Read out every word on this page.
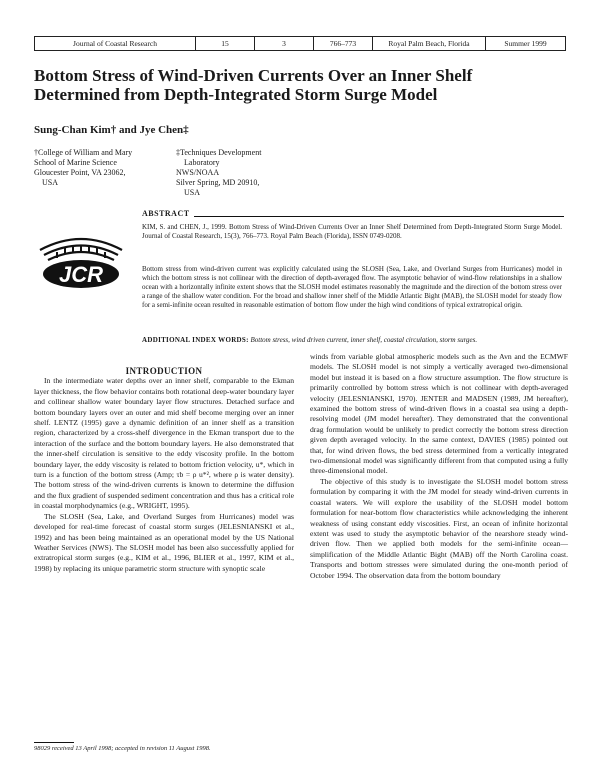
Journal of Coastal Research	15	3	766–773	Royal Palm Beach, Florida	Summer 1999
Bottom Stress of Wind-Driven Currents Over an Inner Shelf Determined from Depth-Integrated Storm Surge Model
Sung-Chan Kim† and Jye Chen‡
†College of William and Mary
School of Marine Science
Gloucester Point, VA 23062,
USA
‡Techniques Development
Laboratory
NWS/NOAA
Silver Spring, MD 20910,
USA
ABSTRACT
JCR
KIM, S. and CHEN, J., 1999. Bottom Stress of Wind-Driven Currents Over an Inner Shelf Determined from Depth-Integrated Storm Surge Model. Journal of Coastal Research, 15(3), 766–773. Royal Palm Beach (Florida), ISSN 0749-0208.
Bottom stress from wind-driven current was explicitly calculated using the SLOSH (Sea, Lake, and Overland Surges from Hurricanes) model in which the bottom stress is not collinear with the direction of depth-averaged flow. The asymptotic behavior of wind-flow relationships in a shallow ocean with a horizontally infinite extent shows that the SLOSH model estimates reasonably the magnitude and the direction of the bottom stress over a range of the shallow water condition. For the broad and shallow inner shelf of the Middle Atlantic Bight (MAB), the SLOSH model for steady flow for a semi-infinite ocean resulted in reasonable estimation of bottom flow under the high wind conditions of typical extratropical origin.
ADDITIONAL INDEX WORDS: Bottom stress, wind driven current, inner shelf, coastal circulation, storm surges.

INTRODUCTION

In the intermediate water depths over an inner shelf, comparable to the Ekman layer thickness, the flow behavior contains both rotational deep-water boundary layer and collinear shallow water boundary layer flow structures. Detached surface and bottom boundary layers over an outer and mid shelf become merging over an inner shelf. LENTZ (1995) gave a dynamic definition of an inner shelf as a transition region, characterized by a cross-shelf divergence in the Ekman transport due to the interaction of the surface and the bottom boundary layers. He also demonstrated that the inner-shelf circulation is sensitive to the eddy viscosity profile. In the bottom boundary layer, the eddy viscosity is related to bottom friction velocity, u*, which in turn is a function of the bottom stress (Amp; τb = ρ u*², where ρ is water density). The bottom stress of the wind-driven currents is known to determine the diffusion and the flux gradient of suspended sediment concentration and thus has a critical role in coastal morphodynamics (e.g., WRIGHT, 1995).

The SLOSH (Sea, Lake, and Overland Surges from Hurricanes) model was developed for real-time forecast of coastal storm surges (JELESNIANSKI et al., 1992) and has been being maintained as an operational model by the US National Weather Services (NWS). The SLOSH model has been also successfully applied for extratropical storm surges (e.g., KIM et al., 1996, BLIER et al., 1997, KIM et al., 1998) by replacing its unique parametric storm structure with synoptic scale

winds from variable global atmospheric models such as the Avn and the ECMWF models. The SLOSH model is not simply a vertically averaged two-dimensional model but instead it is based on a flow structure assumption. The flow structure is primarily controlled by bottom stress which is not collinear with depth-averaged velocity (JELESNIANSKI, 1970). JENTER and MADSEN (1989, JM hereafter), examined the bottom stress of wind-driven flows in a coastal sea using a depth-resolving model (JM model hereafter). They demonstrated that the conventional drag formulation would be unlikely to predict correctly the bottom stress direction given depth averaged velocity. In the same context, DAVIES (1985) pointed out that, for wind driven flows, the bed stress determined from a vertically integrated two-dimensional model was significantly different from that computed using a fully three-dimensional model.

The objective of this study is to investigate the SLOSH model bottom stress formulation by comparing it with the JM model for steady wind-driven currents in coastal waters. We will explore the usability of the SLOSH model bottom formulation for near-bottom flow characteristics while acknowledging the inherent weakness of using constant eddy viscosities. First, an ocean of infinite horizontal extent was used to study the asymptotic behavior of the nearshore steady wind-driven flow. Then we applied both models for the semi-infinite ocean—simplification of the Middle Atlantic Bight (MAB) off the North Carolina coast. Transports and bottom stresses were simulated during the one-month period of October 1994. The observation data from the bottom boundary

98029 received 13 April 1998; accepted in revision 11 August 1998.
